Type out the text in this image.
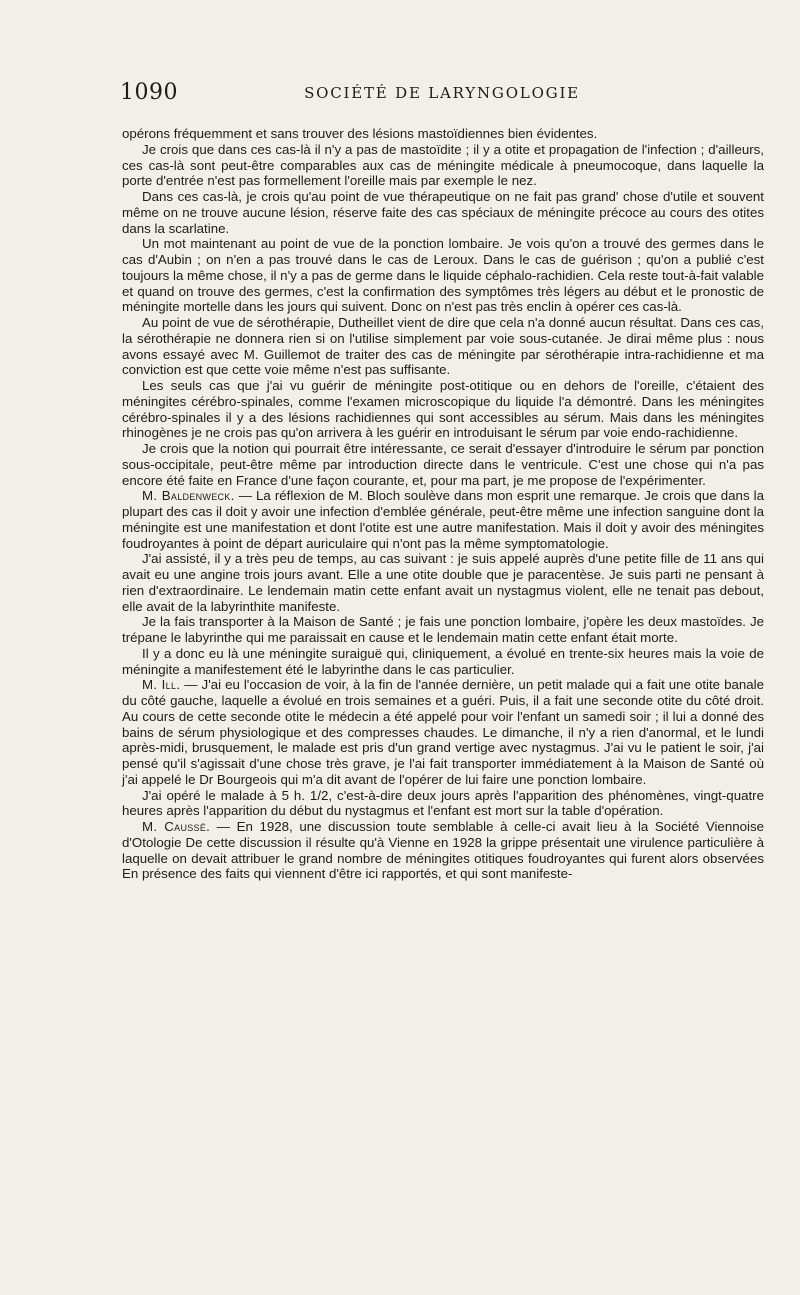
1090	SOCIÉTÉ DE LARYNGOLOGIE

opérons fréquemment et sans trouver des lésions mastoïdiennes bien évidentes.

Je crois que dans ces cas-là il n'y a pas de mastoïdite ; il y a otite et propagation de l'infection ; d'ailleurs, ces cas-là sont peut-être comparables aux cas de méningite médicale à pneumocoque, dans laquelle la porte d'entrée n'est pas formellement l'oreille mais par exemple le nez.

Dans ces cas-là, je crois qu'au point de vue thérapeutique on ne fait pas grand' chose d'utile et souvent même on ne trouve aucune lésion, réserve faite des cas spéciaux de méningite précoce au cours des otites dans la scarlatine.

Un mot maintenant au point de vue de la ponction lombaire. Je vois qu'on a trouvé des germes dans le cas d'Aubin ; on n'en a pas trouvé dans le cas de Leroux. Dans le cas de guérison ; qu'on a publié c'est toujours la même chose, il n'y a pas de germe dans le liquide céphalo-rachidien. Cela reste tout-à-fait valable et quand on trouve des germes, c'est la confirmation des symptômes très légers au début et le pronostic de méningite mortelle dans les jours qui suivent. Donc on n'est pas très enclin à opérer ces cas-là.

Au point de vue de sérothérapie, Dutheillet vient de dire que cela n'a donné aucun résultat. Dans ces cas, la sérothérapie ne donnera rien si on l'utilise simplement par voie sous-cutanée. Je dirai même plus : nous avons essayé avec M. Guillemot de traiter des cas de méningite par sérothérapie intra-rachidienne et ma conviction est que cette voie même n'est pas suffisante.

Les seuls cas que j'ai vu guérir de méningite post-otitique ou en dehors de l'oreille, c'étaient des méningites cérébro-spinales, comme l'examen microscopique du liquide l'a démontré. Dans les méningites cérébro-spinales il y a des lésions rachidiennes qui sont accessibles au sérum. Mais dans les méningites rhinogènes je ne crois pas qu'on arrivera à les guérir en introduisant le sérum par voie endo-rachidienne.

Je crois que la notion qui pourrait être intéressante, ce serait d'essayer d'introduire le sérum par ponction sous-occipitale, peut-être même par introduction directe dans le ventricule. C'est une chose qui n'a pas encore été faite en France d'une façon courante, et, pour ma part, je me propose de l'expérimenter.

M. Baldenweck. — La réflexion de M. Bloch soulève dans mon esprit une remarque. Je crois que dans la plupart des cas il doit y avoir une infection d'emblée générale, peut-être même une infection sanguine dont la méningite est une manifestation et dont l'otite est une autre manifestation. Mais il doit y avoir des méningites foudroyantes à point de départ auriculaire qui n'ont pas la même symptomatologie.

J'ai assisté, il y a très peu de temps, au cas suivant : je suis appelé auprès d'une petite fille de 11 ans qui avait eu une angine trois jours avant. Elle a une otite double que je paracentèse. Je suis parti ne pensant à rien d'extraordinaire. Le lendemain matin cette enfant avait un nystagmus violent, elle ne tenait pas debout, elle avait de la labyrinthite manifeste.

Je la fais transporter à la Maison de Santé ; je fais une ponction lombaire, j'opère les deux mastoïdes. Je trépane le labyrinthe qui me paraissait en cause et le lendemain matin cette enfant était morte.

Il y a donc eu là une méningite suraiguë qui, cliniquement, a évolué en trente-six heures mais la voie de méningite a manifestement été le labyrinthe dans le cas particulier.

M. Ill. — J'ai eu l'occasion de voir, à la fin de l'année dernière, un petit malade qui a fait une otite banale du côté gauche, laquelle a évolué en trois semaines et a guéri. Puis, il a fait une seconde otite du côté droit. Au cours de cette seconde otite le médecin a été appelé pour voir l'enfant un samedi soir ; il lui a donné des bains de sérum physiologique et des compresses chaudes. Le dimanche, il n'y a rien d'anormal, et le lundi après-midi, brusquement, le malade est pris d'un grand vertige avec nystagmus. J'ai vu le patient le soir, j'ai pensé qu'il s'agissait d'une chose très grave, je l'ai fait transporter immédiatement à la Maison de Santé où j'ai appelé le Dr Bourgeois qui m'a dit avant de l'opérer de lui faire une ponction lombaire.

J'ai opéré le malade à 5 h. 1/2, c'est-à-dire deux jours après l'apparition des phénomènes, vingt-quatre heures après l'apparition du début du nystagmus et l'enfant est mort sur la table d'opération.

M. Caussé. — En 1928, une discussion toute semblable à celle-ci avait lieu à la Société Viennoise d'Otologie De cette discussion il résulte qu'à Vienne en 1928 la grippe présentait une virulence particulière à laquelle on devait attribuer le grand nombre de méningites otitiques foudroyantes qui furent alors observées En présence des faits qui viennent d'être ici rapportés, et qui sont manifeste-
